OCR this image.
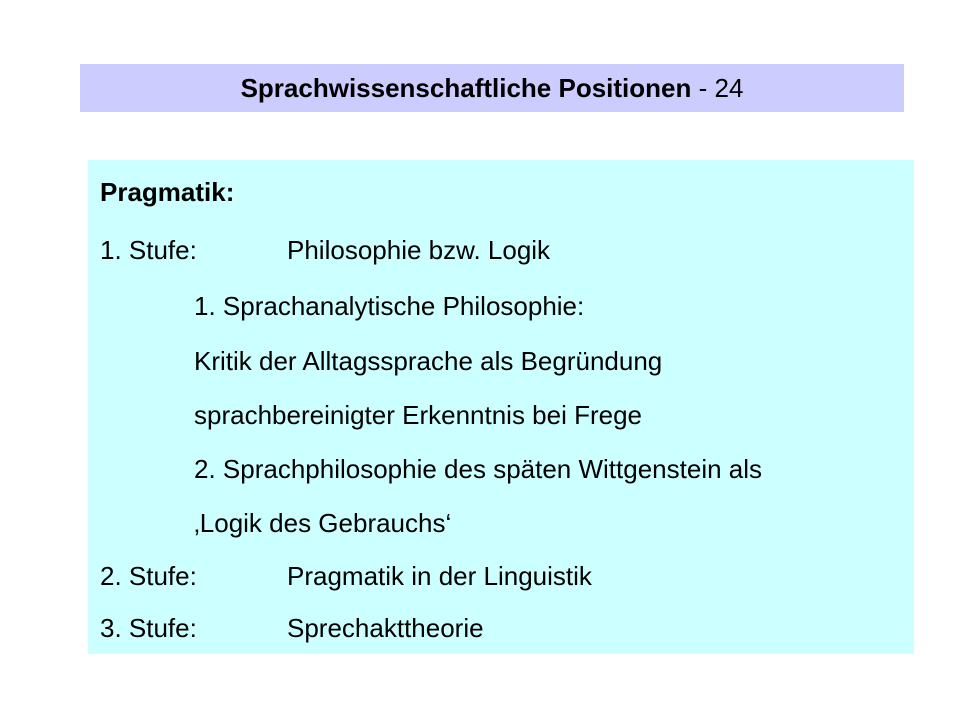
Sprachwissenschaftliche Positionen - 24
Pragmatik:
1. Stufe:	Philosophie bzw. Logik
1. Sprachanalytische Philosophie:
Kritik der Alltagssprache als Begründung
sprachbereinigter Erkenntnis bei Frege
2. Sprachphilosophie des späten Wittgenstein als
‚Logik des Gebrauchs‘
2. Stufe:	Pragmatik in der Linguistik
3. Stufe:	Sprechakttheorie
